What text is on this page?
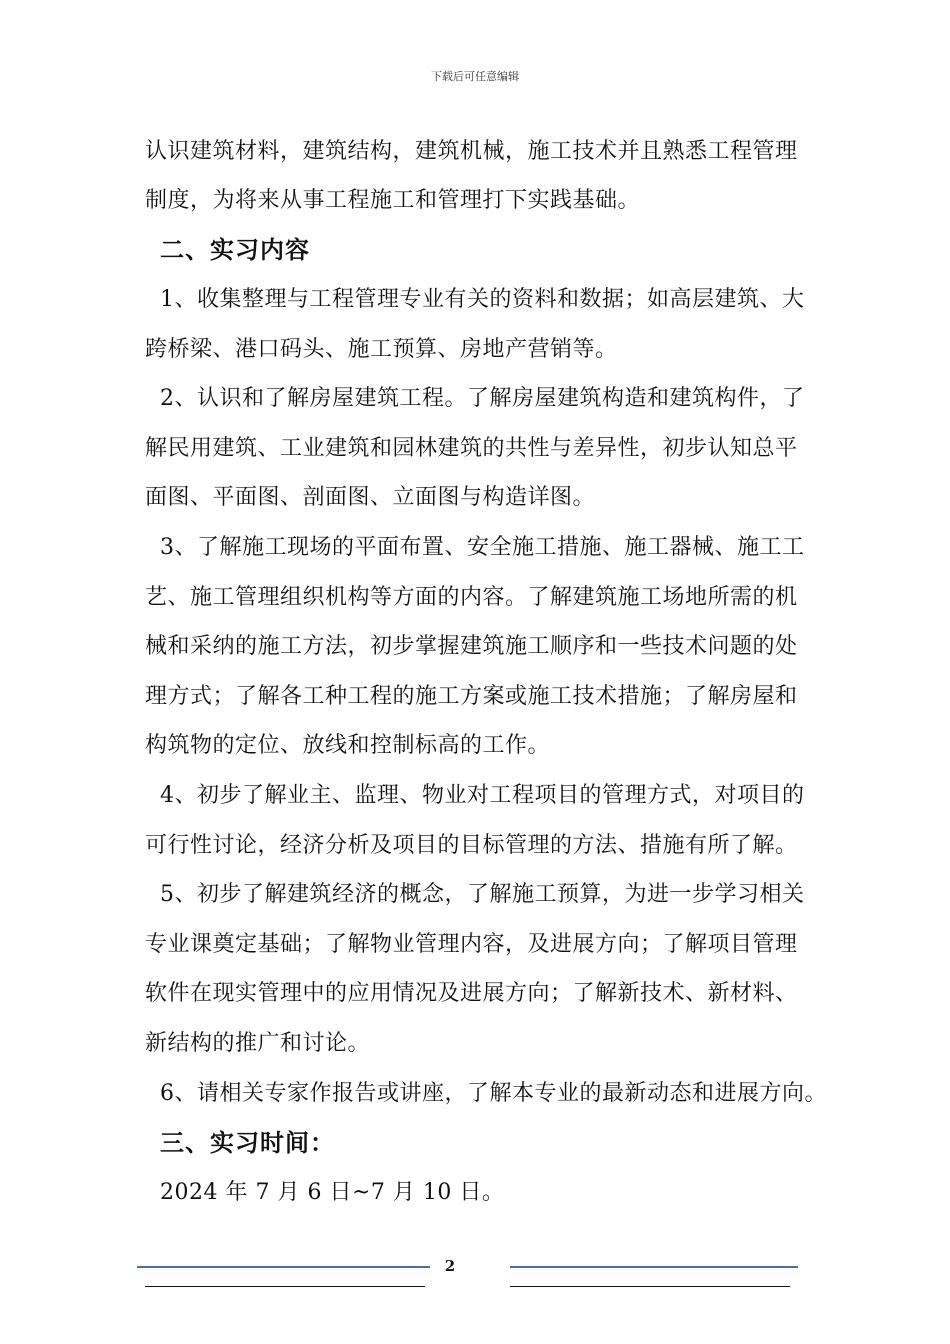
下载后可任意编辑
认识建筑材料，建筑结构，建筑机械，施工技术并且熟悉工程管理
制度，为将来从事工程施工和管理打下实践基础。
二、实习内容
1、收集整理与工程管理专业有关的资料和数据；如高层建筑、大
跨桥梁、港口码头、施工预算、房地产营销等。
2、认识和了解房屋建筑工程。了解房屋建筑构造和建筑构件，了
解民用建筑、工业建筑和园林建筑的共性与差异性，初步认知总平
面图、平面图、剖面图、立面图与构造详图。
3、了解施工现场的平面布置、安全施工措施、施工器械、施工工
艺、施工管理组织机构等方面的内容。了解建筑施工场地所需的机
械和采纳的施工方法，初步掌握建筑施工顺序和一些技术问题的处
理方式；了解各工种工程的施工方案或施工技术措施；了解房屋和
构筑物的定位、放线和控制标高的工作。
4、初步了解业主、监理、物业对工程项目的管理方式，对项目的
可行性讨论，经济分析及项目的目标管理的方法、措施有所了解。
5、初步了解建筑经济的概念，了解施工预算，为进一步学习相关
专业课奠定基础；了解物业管理内容，及进展方向；了解项目管理
软件在现实管理中的应用情况及进展方向；了解新技术、新材料、
新结构的推广和讨论。
6、请相关专家作报告或讲座，了解本专业的最新动态和进展方向。
三、实习时间：
2024 年 7 月 6 日~7 月 10 日。
2
